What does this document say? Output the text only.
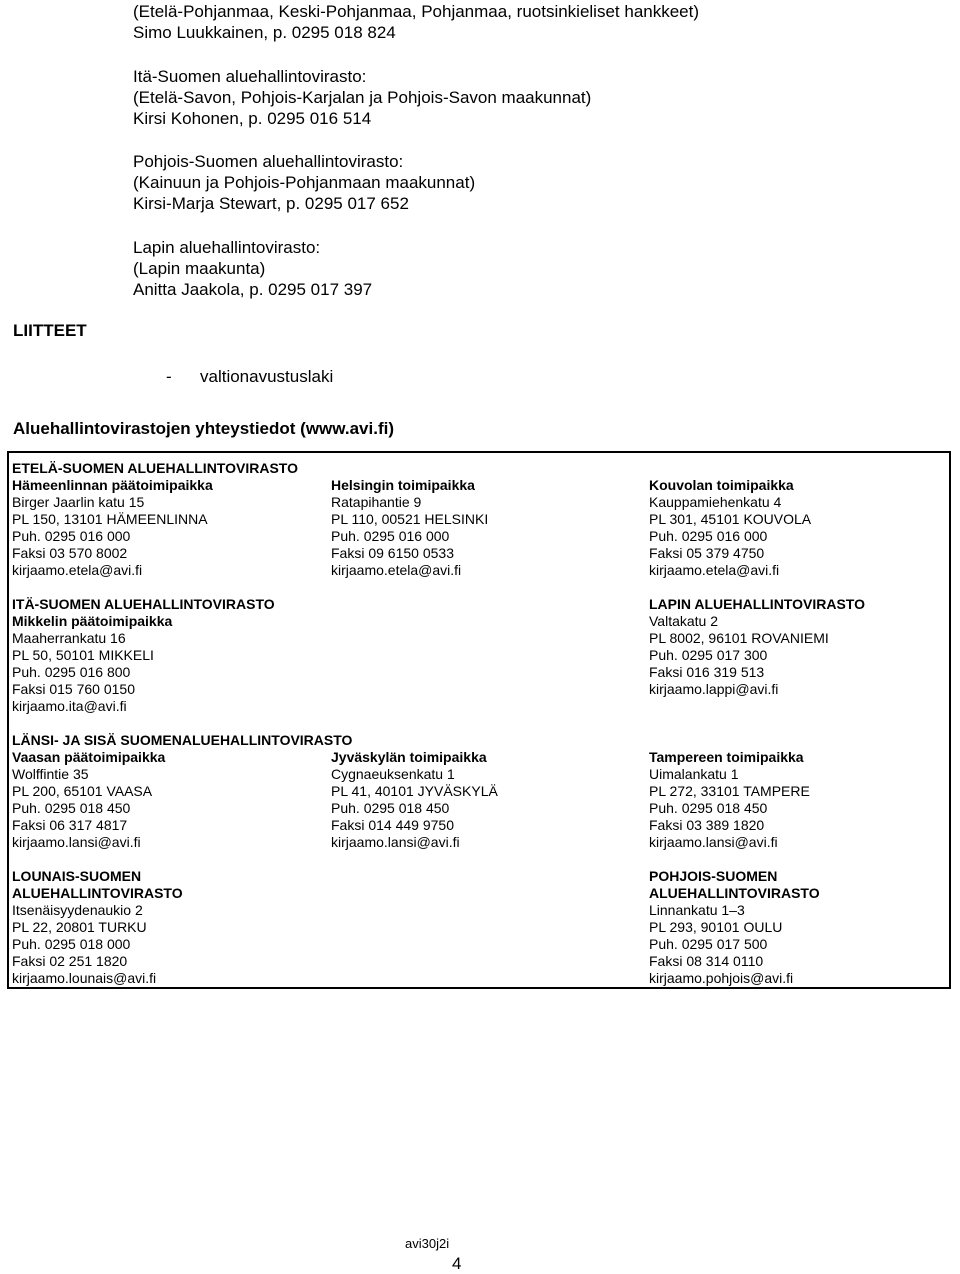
(Etelä-Pohjanmaa, Keski-Pohjanmaa, Pohjanmaa, ruotsinkieliset hankkeet)
Simo Luukkainen, p. 0295 018 824
Itä-Suomen aluehallintovirasto:
(Etelä-Savon, Pohjois-Karjalan ja Pohjois-Savon maakunnat)
Kirsi Kohonen, p. 0295 016 514
Pohjois-Suomen aluehallintovirasto:
(Kainuun ja Pohjois-Pohjanmaan maakunnat)
Kirsi-Marja Stewart, p. 0295 017 652
Lapin aluehallintovirasto:
(Lapin maakunta)
Anitta Jaakola, p. 0295 017 397
LIITTEET
- valtionavustuslaki
Aluehallintovirastojen yhteystiedot (www.avi.fi)
ETELÄ-SUOMEN ALUEHALLINTOVIRASTO
Hämeenlinnan päätoimipaikka
Birger Jaarlin katu 15
PL 150, 13101 HÄMEENLINNA
Puh. 0295 016 000
Faksi 03 570 8002
kirjaamo.etela@avi.fi
Helsingin toimipaikka
Ratapihantie 9
PL 110, 00521 HELSINKI
Puh. 0295 016 000
Faksi 09 6150 0533
kirjaamo.etela@avi.fi
Kouvolan toimipaikka
Kauppamiehenkatu 4
PL 301, 45101 KOUVOLA
Puh. 0295 016 000
Faksi 05 379 4750
kirjaamo.etela@avi.fi
ITÄ-SUOMEN ALUEHALLINTOVIRASTO
Mikkelin päätoimipaikka
Maaherrankatu 16
PL 50, 50101 MIKKELI
Puh. 0295 016 800
Faksi 015 760 0150
kirjaamo.ita@avi.fi
LAPIN ALUEHALLINTOVIRASTO
Valtakatu 2
PL 8002, 96101 ROVANIEMI
Puh. 0295 017 300
Faksi 016 319 513
kirjaamo.lappi@avi.fi
LÄNSI- JA SISÄ SUOMENALUEHALLINTOVIRASTO
Vaasan päätoimipaikka
Wolffintie 35
PL 200, 65101 VAASA
Puh. 0295 018 450
Faksi 06 317 4817
kirjaamo.lansi@avi.fi
Jyväskylän toimipaikka
Cygnaeuksenkatu 1
PL 41, 40101 JYVÄSKYLÄ
Puh. 0295 018 450
Faksi 014 449 9750
kirjaamo.lansi@avi.fi
Tampereen toimipaikka
Uimalankatu 1
PL 272, 33101 TAMPERE
Puh. 0295 018 450
Faksi 03 389 1820
kirjaamo.lansi@avi.fi
LOUNAIS-SUOMEN
ALUEHALLINTOVIRASTO
Itsenäisyydenaukio 2
PL 22, 20801 TURKU
Puh. 0295 018 000
Faksi 02 251 1820
kirjaamo.lounais@avi.fi
POHJOIS-SUOMEN
ALUEHALLINTOVIRASTO
Linnankatu 1–3
PL 293, 90101 OULU
Puh. 0295 017 500
Faksi 08 314 0110
kirjaamo.pohjois@avi.fi
avi30j2i
4
